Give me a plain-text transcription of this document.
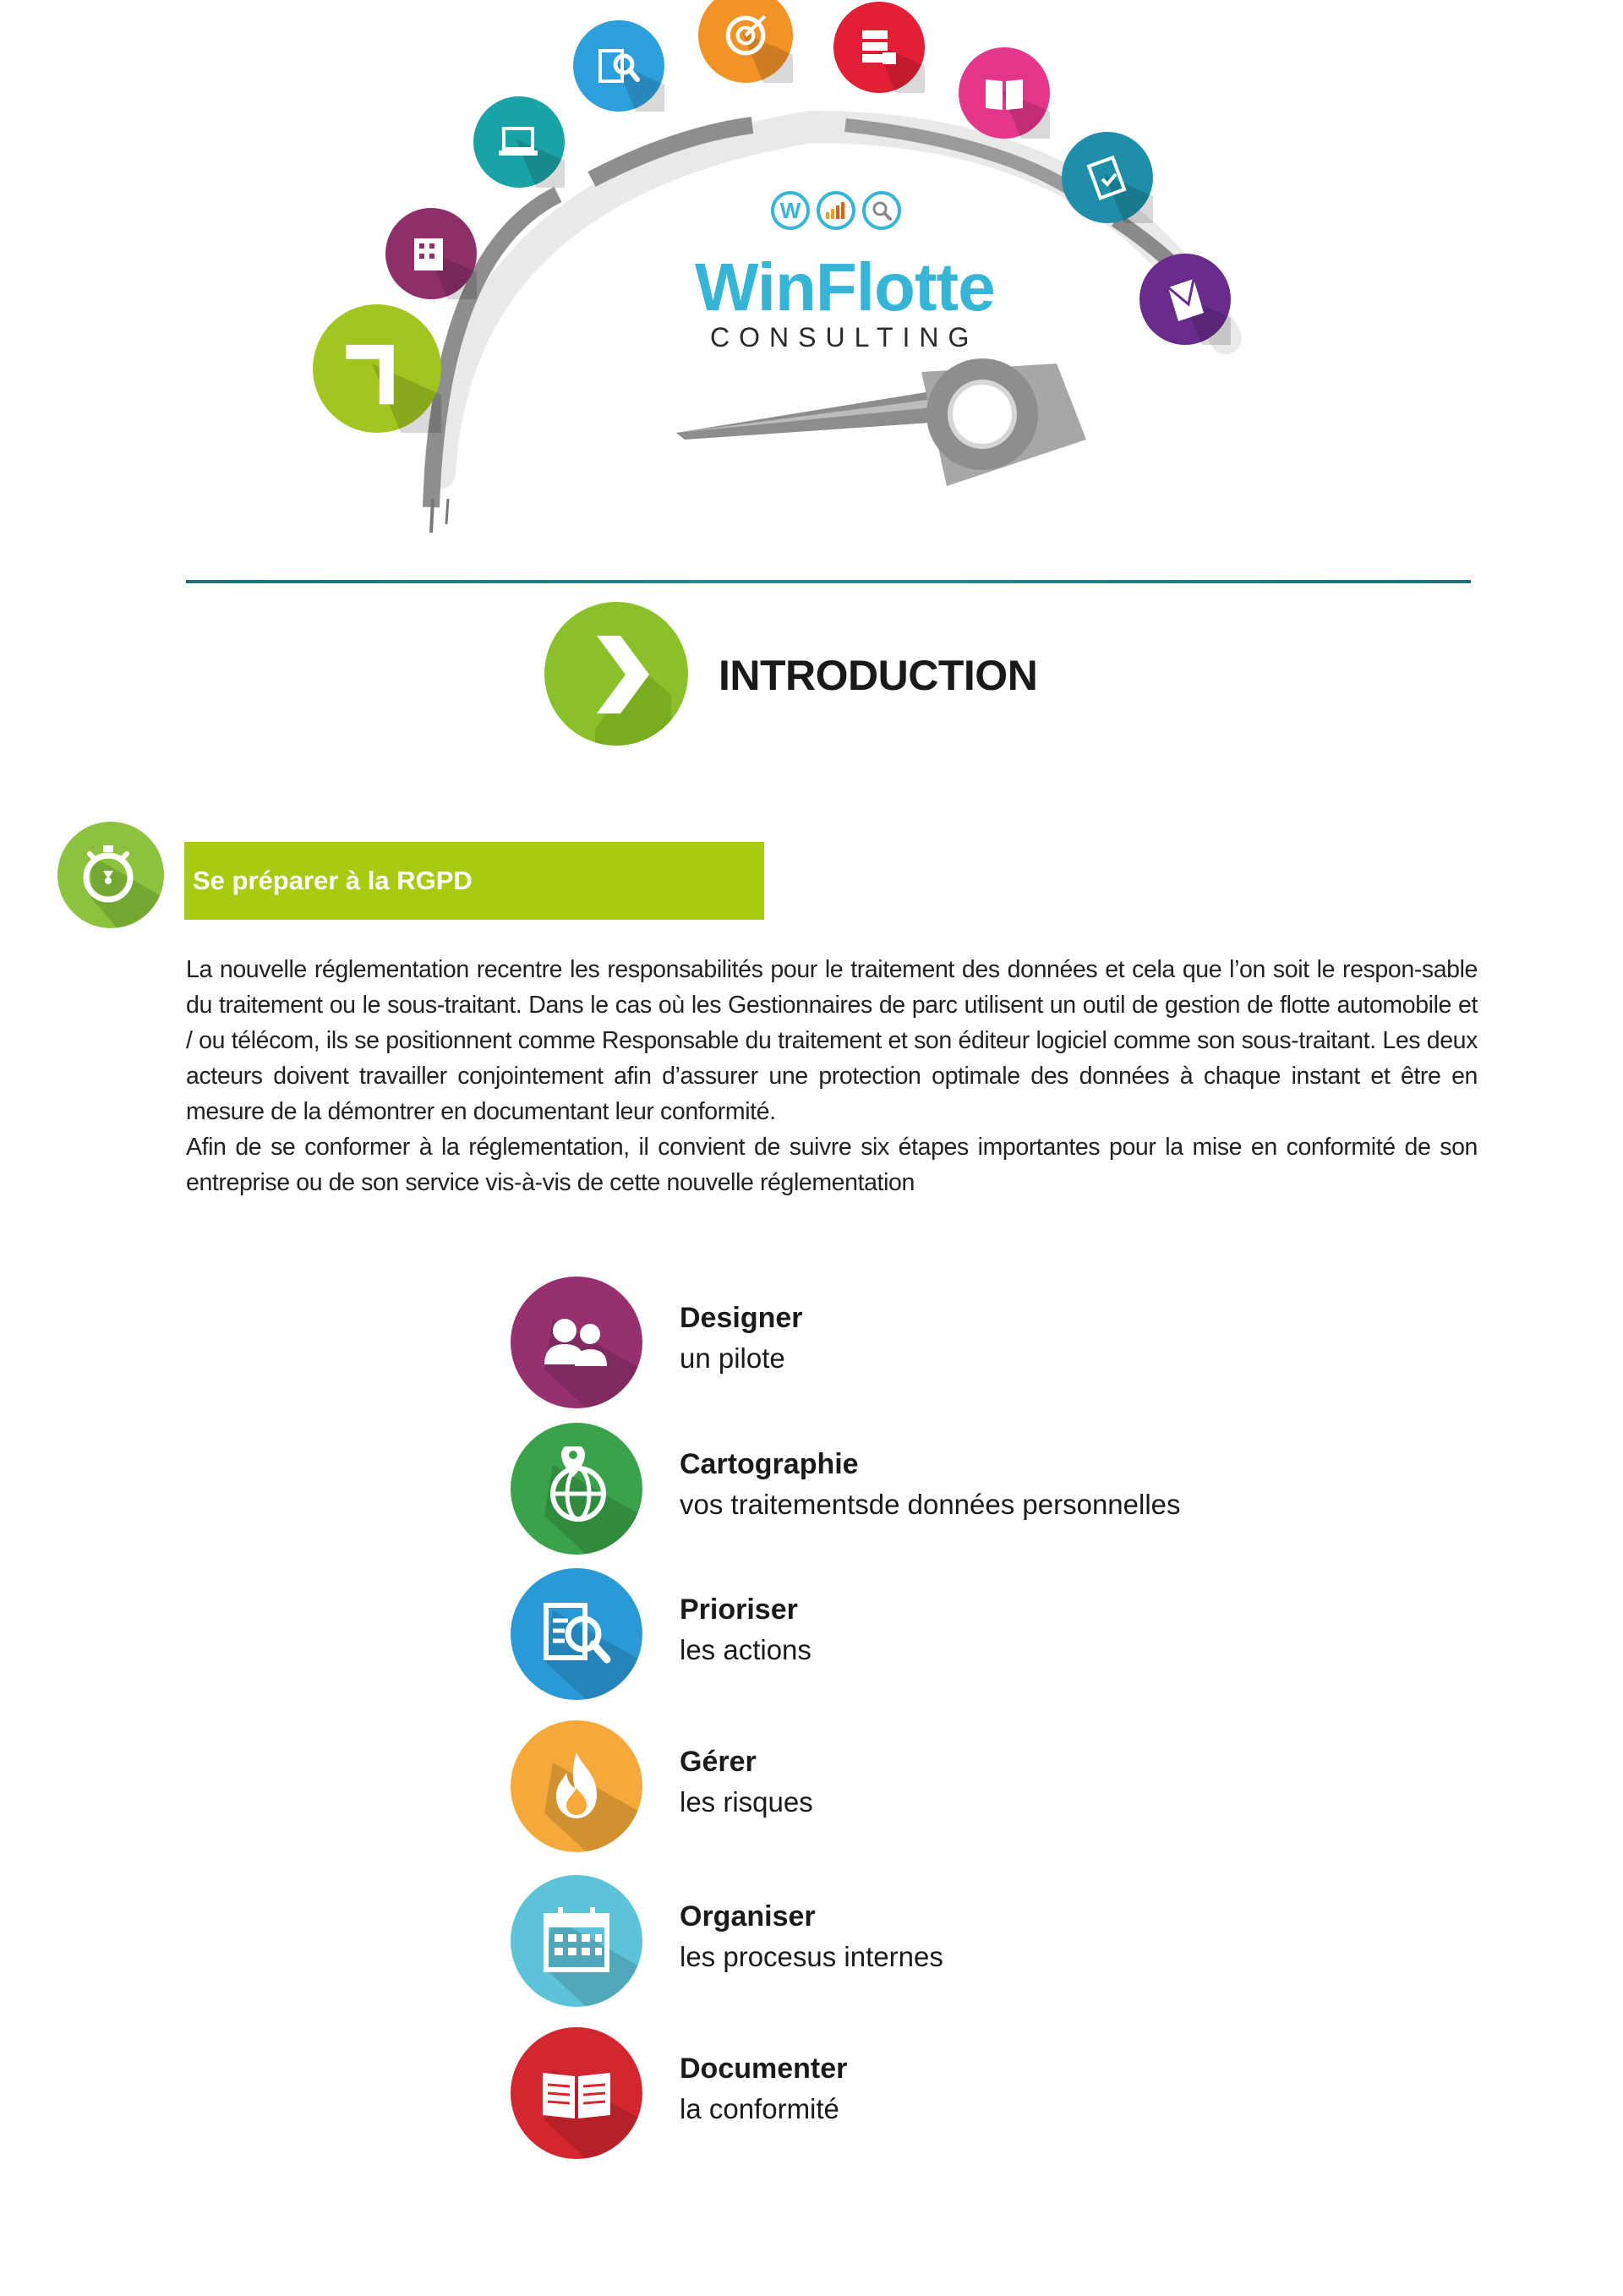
W
WinFlotte
CONSULTING
INTRODUCTION
Se préparer à la RGPD

La nouvelle réglementation recentre les responsabilités pour le traitement des données et cela que l’on soit le respon-sable du traitement ou le sous-traitant. Dans le cas où les Gestionnaires de parc utilisent un outil de gestion de flotte automobile et / ou télécom, ils se positionnent comme Responsable du traitement et son éditeur logiciel comme son sous-traitant. Les deux acteurs doivent travailler conjointement afin d’assurer une protection optimale des données à chaque instant et être en mesure de la démontrer en documentant leur conformité.

Afin de se conformer à la réglementation, il convient de suivre six étapes importantes pour la mise en conformité de son entreprise ou de son service vis-à-vis de cette nouvelle réglementation

Designer
un pilote
Cartographie
vos traitementsde données personnelles
Prioriser
les actions
Gérer
les risques
Organiser
les procesus internes
Documenter
la conformité
